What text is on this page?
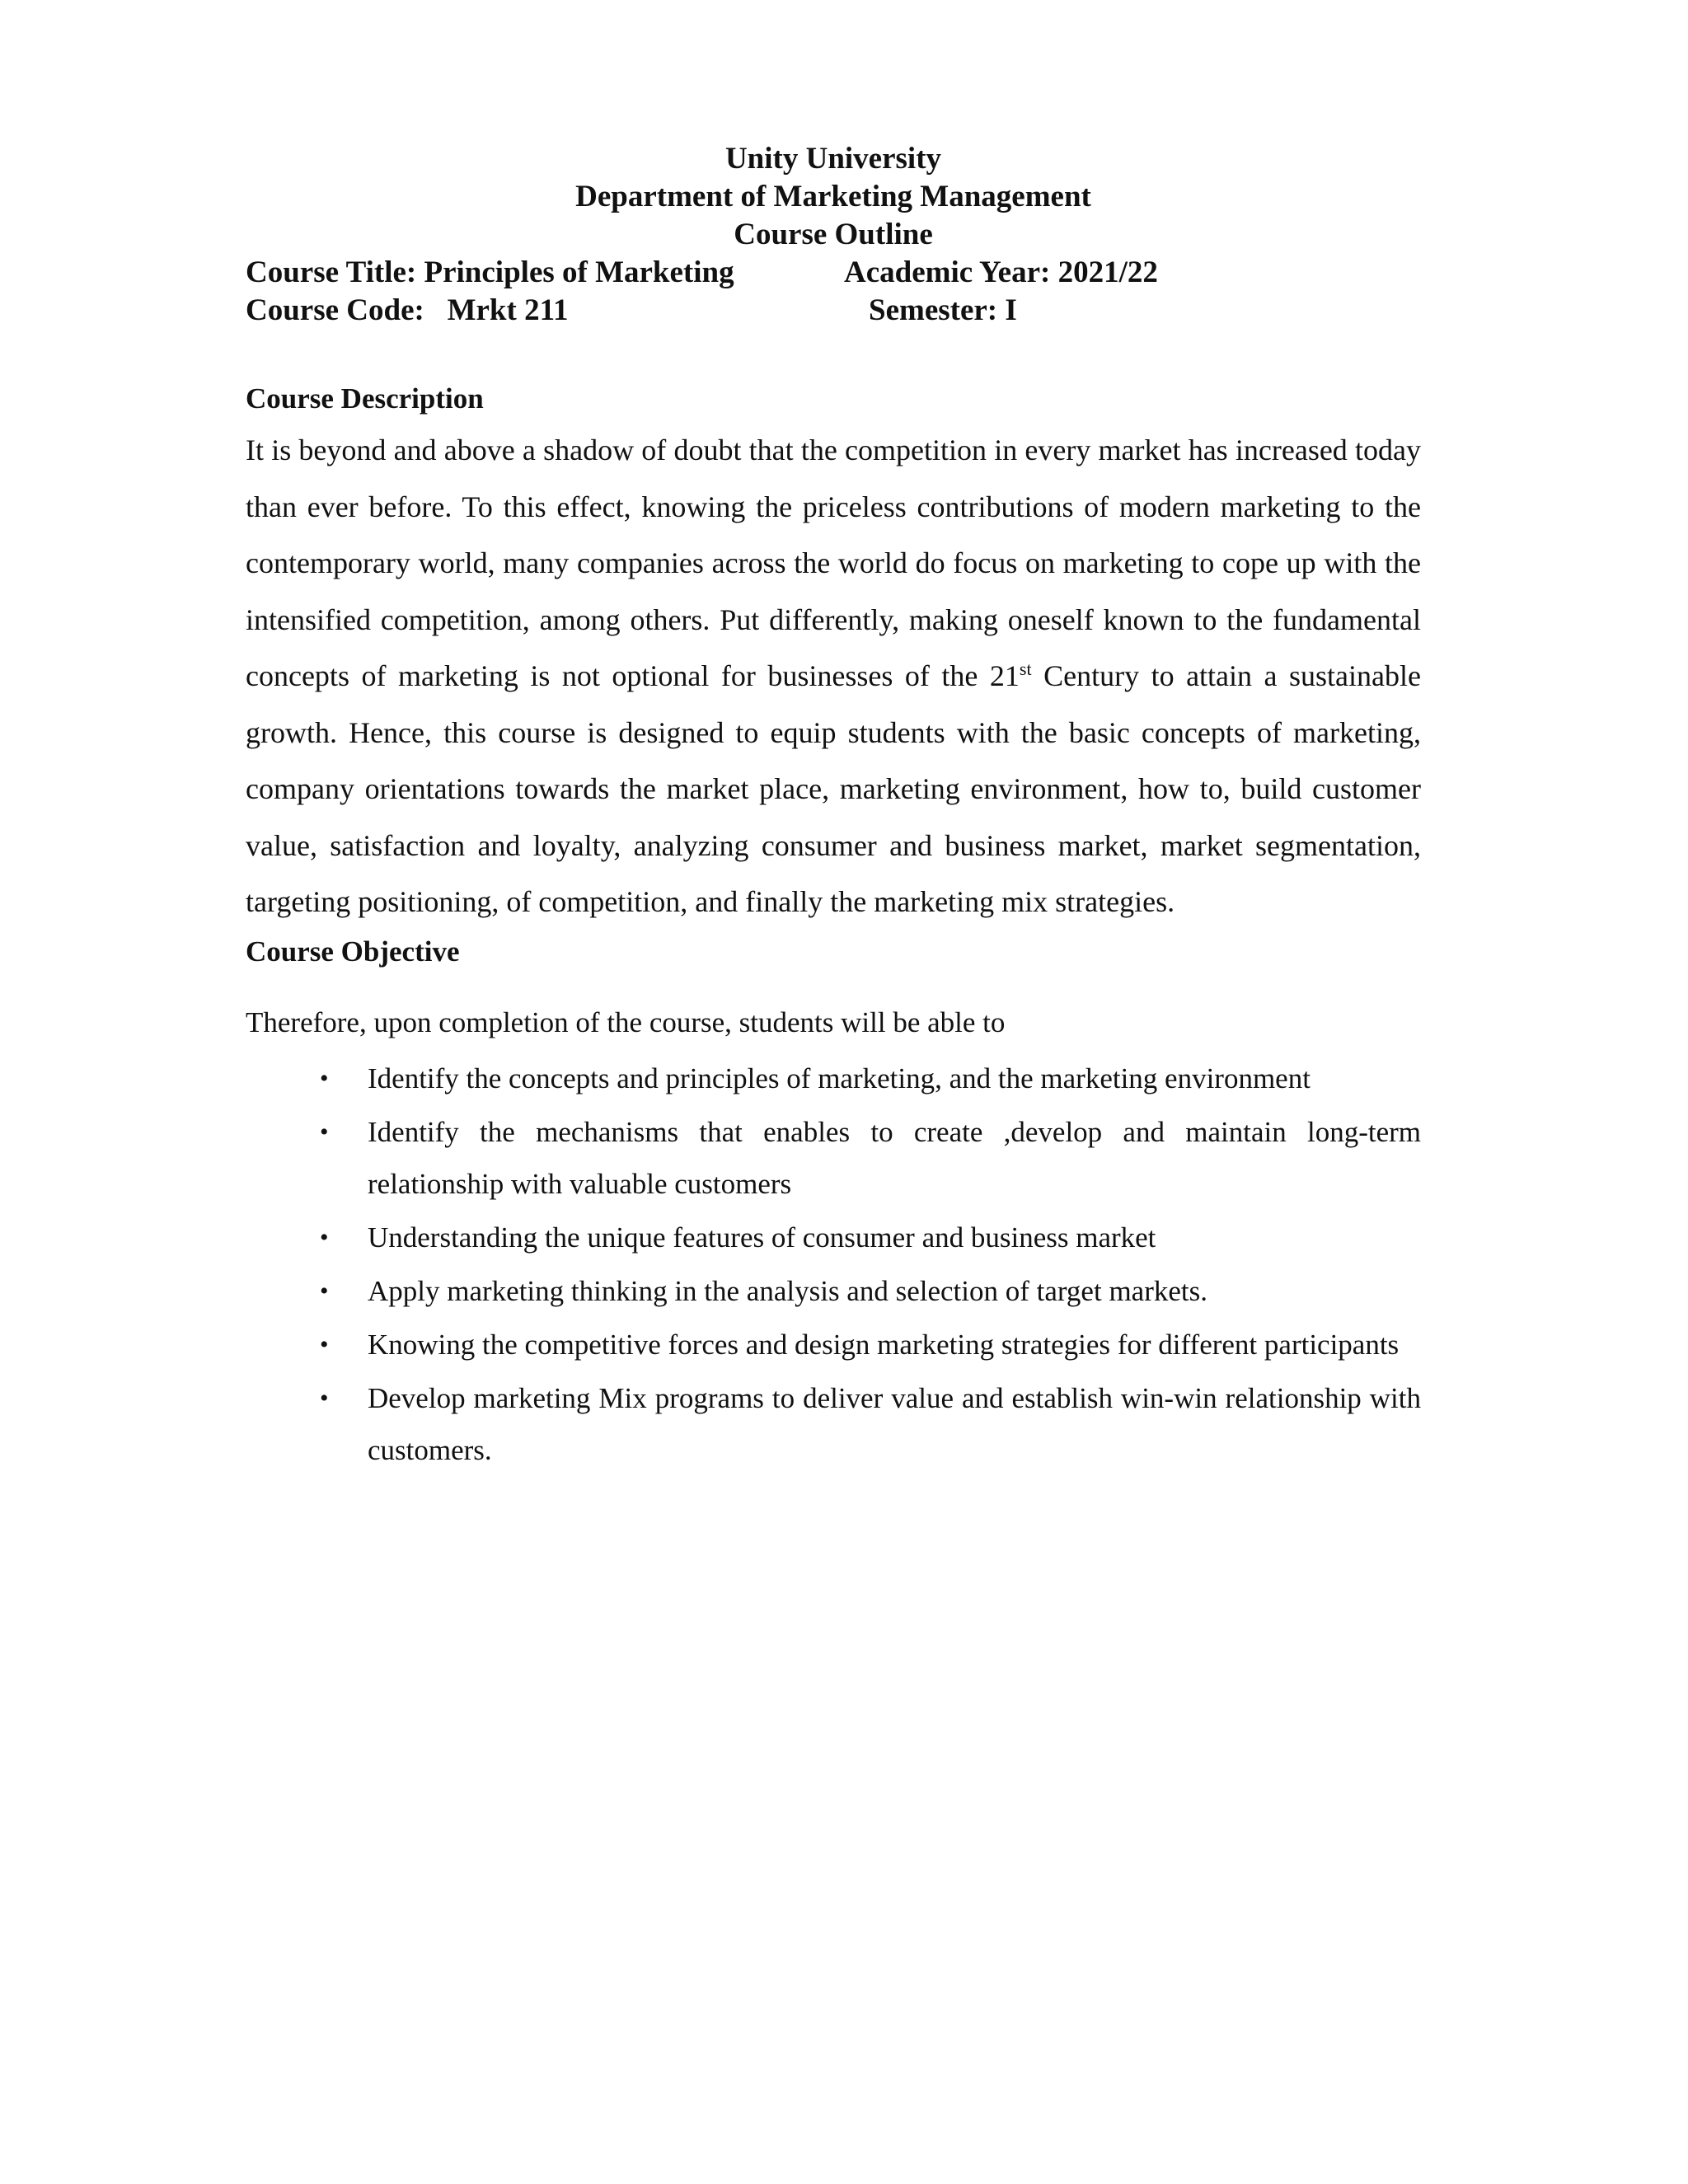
Unity University
Department of Marketing Management
Course Outline
Course Title: Principles of Marketing	Academic Year: 2021/22
Course Code:   Mrkt 211	Semester: I
Course Description

It is beyond and above a shadow of doubt that the competition in every market has increased today than ever before. To this effect, knowing the priceless contributions of modern marketing to the contemporary world, many companies across the world do focus on marketing to cope up with the intensified competition, among others. Put differently, making oneself known to the fundamental concepts of marketing is not optional for businesses of the 21st Century to attain a sustainable growth. Hence, this course is designed to equip students with the basic concepts of marketing, company orientations towards the market place, marketing environment, how to, build customer value, satisfaction and loyalty, analyzing consumer and business market, market segmentation, targeting positioning, of competition, and finally the marketing mix strategies.

Course Objective
Therefore, upon completion of the course, students will be able to
• Identify the concepts and principles of marketing, and the marketing environment
• Identify the mechanisms that enables to create ,develop and maintain long-term relationship with valuable customers
• Understanding the unique features of consumer and business market
• Apply marketing thinking in the analysis and selection of target markets.
• Knowing the competitive forces and design marketing strategies for different participants
• Develop marketing Mix programs to deliver value and establish win-win relationship with customers.
